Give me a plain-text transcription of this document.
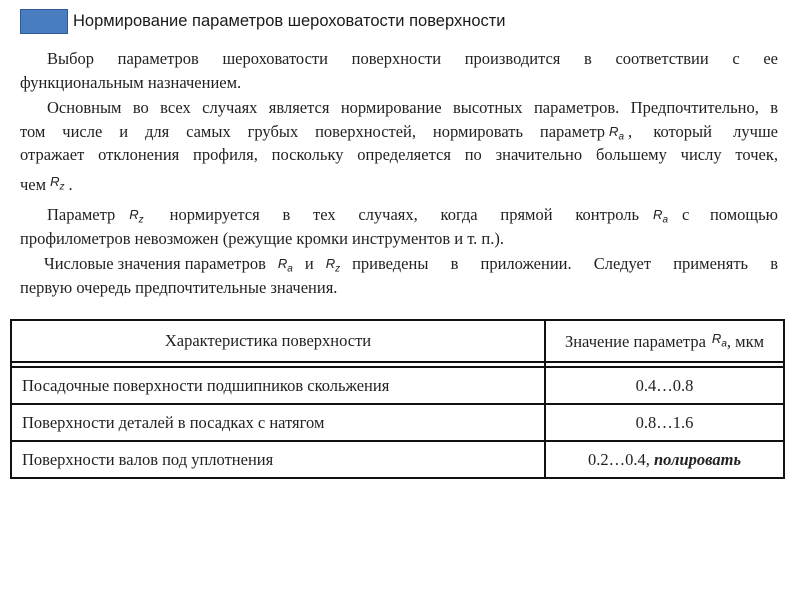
Нормирование параметров шероховатости поверхности
Выбор параметров шероховатости поверхности производится в соответствии с ее
функциональным назначением.
Основным во всех случаях является нормирование высотных параметров. Предпочтительно, в
том числе и для самых грубых поверхностей, нормировать параметр $R_a$ , который лучше
отражает отклонения профиля, поскольку определяется по значительно большему числу точек,
чем $^{R_z}$ .
Параметр $R_z$ нормируется в тех случаях, когда прямой контроль $R_a$ с помощью
профилометров невозможен (режущие кромки инструментов и т. п.).
Числовые значения параметров $R_a$ и $R_z$ приведены в приложении. Следует применять в
первую очередь предпочтительные значения.
Характеристика поверхности	Значение параметра $^{R_a}$, мкм

Посадочные поверхности подшипников скольжения	0.4…0.8
Поверхности деталей в посадках с натягом	0.8…1.6
Поверхности валов под уплотнения	0.2…0.4, полировать
